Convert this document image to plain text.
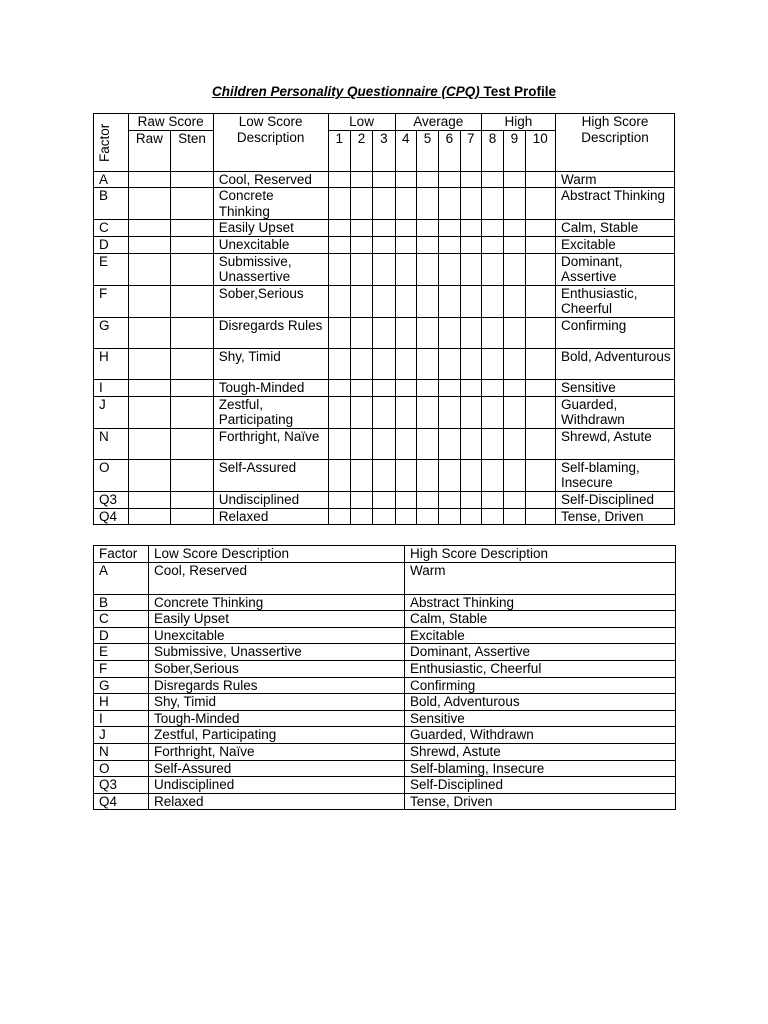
Children Personality Questionnaire (CPQ) Test Profile
Factor	Raw Score		Low Score Description	Low			Average				High			High Score Description
	Raw	Sten		1	2	3	4	5	6	7	8	9	10	
A			Cool, Reserved											Warm
B			Concrete Thinking											Abstract Thinking
C			Easily Upset											Calm, Stable
D			Unexcitable											Excitable
E			Submissive, Unassertive											Dominant, Assertive
F			Sober,Serious											Enthusiastic, Cheerful
G			Disregards Rules											Confirming
H			Shy, Timid											Bold, Adventurous
I			Tough-Minded											Sensitive
J			Zestful, Participating											Guarded, Withdrawn
N			Forthright, Naïve											Shrewd, Astute
O			Self-Assured											Self-blaming, Insecure
Q3			Undisciplined											Self-Disciplined
Q4			Relaxed											Tense, Driven
Factor	Low Score Description	High Score Description
A	Cool, Reserved	Warm
B	Concrete Thinking	Abstract Thinking
C	Easily Upset	Calm, Stable
D	Unexcitable	Excitable
E	Submissive, Unassertive	Dominant, Assertive
F	Sober,Serious	Enthusiastic, Cheerful
G	Disregards Rules	Confirming
H	Shy, Timid	Bold, Adventurous
I	Tough-Minded	Sensitive
J	Zestful, Participating	Guarded, Withdrawn
N	Forthright, Naïve	Shrewd, Astute
O	Self-Assured	Self-blaming, Insecure
Q3	Undisciplined	Self-Disciplined
Q4	Relaxed	Tense, Driven
